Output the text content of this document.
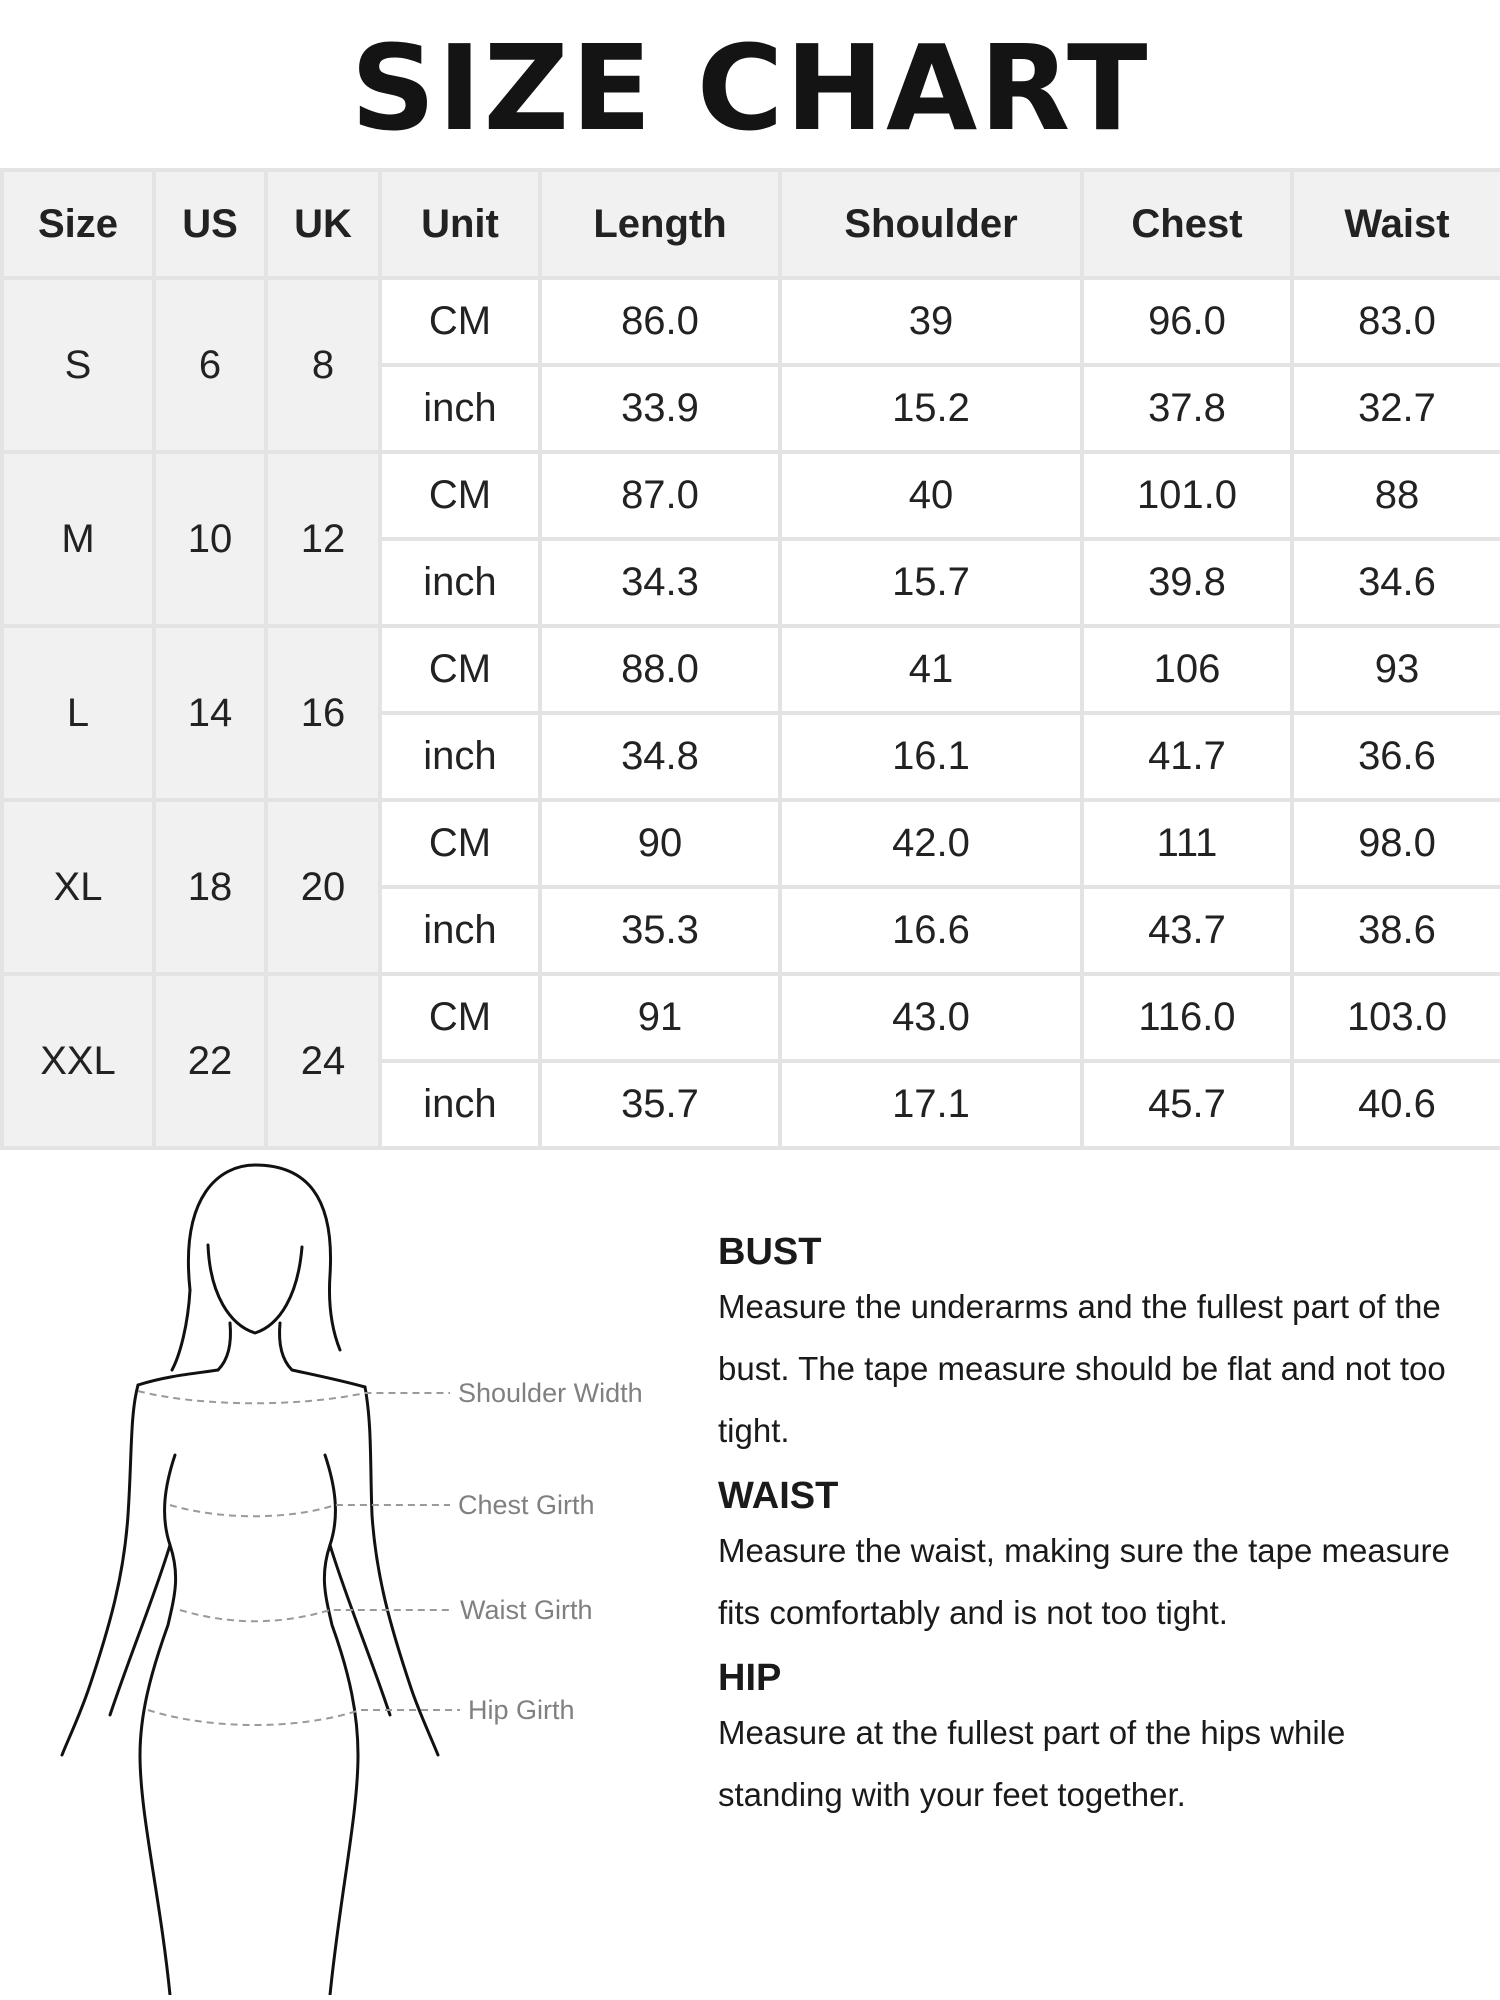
SIZE CHART
Size	US	UK	Unit	Length	Shoulder	Chest	Waist
S	6	8	CM	86.0	39	96.0	83.0
			inch	33.9	15.2	37.8	32.7
M	10	12	CM	87.0	40	101.0	88
			inch	34.3	15.7	39.8	34.6
L	14	16	CM	88.0	41	106	93
			inch	34.8	16.1	41.7	36.6
XL	18	20	CM	90	42.0	111	98.0
			inch	35.3	16.6	43.7	38.6
XXL	22	24	CM	91	43.0	116.0	103.0
			inch	35.7	17.1	45.7	40.6
Shoulder Width
Chest Girth
Waist Girth
Hip Girth
BUST

Measure the underarms and the fullest part of the bust. The tape measure should be flat and not too tight.

WAIST

Measure the waist, making sure the tape measure fits comfortably and is not too tight.

HIP

Measure at the fullest part of the hips while standing with your feet together.
